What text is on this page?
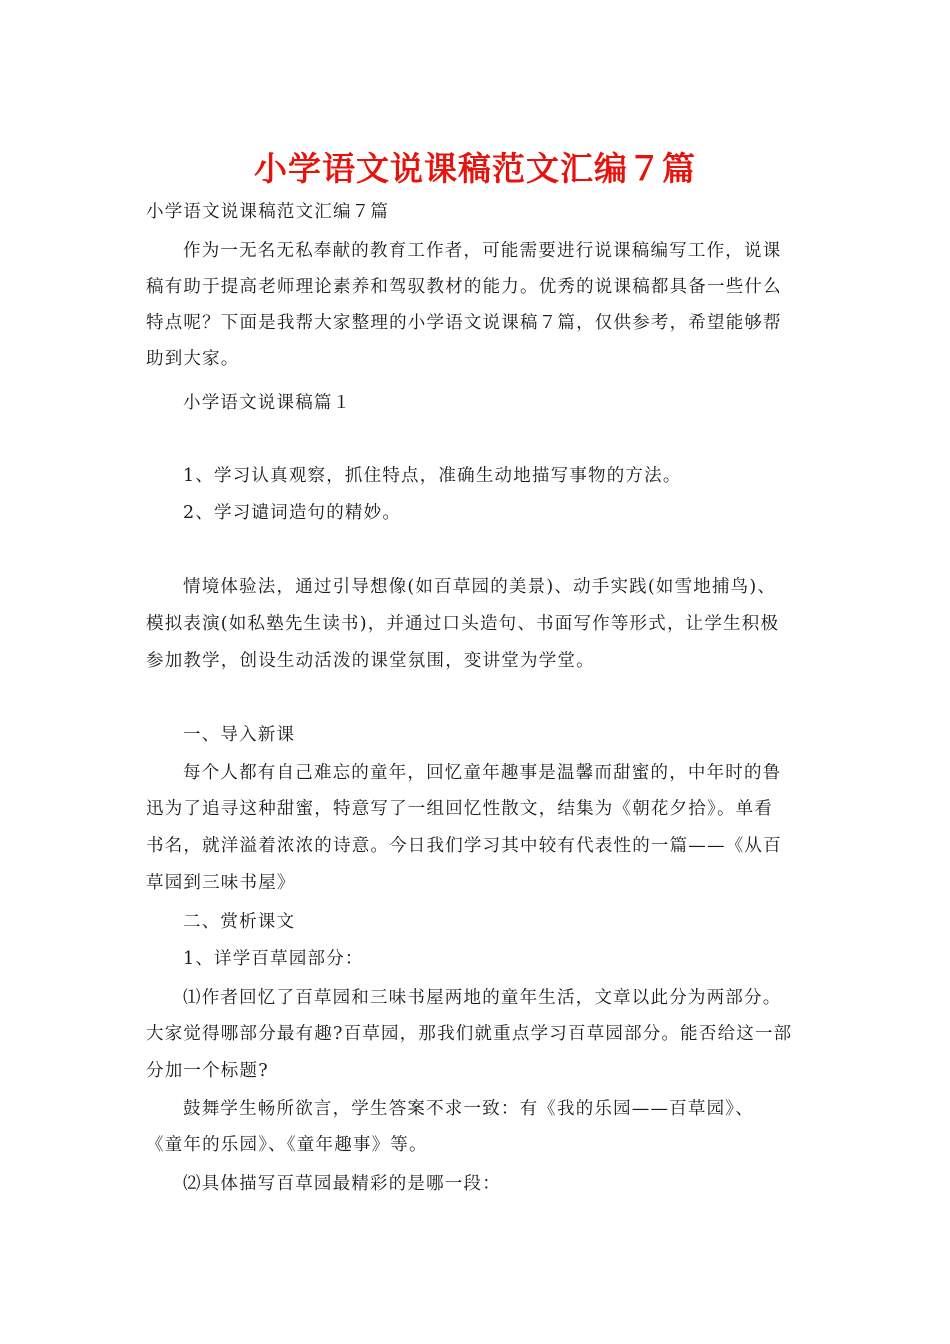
小学语文说课稿范文汇编７篇
小学语文说课稿范文汇编７篇
作为一无名无私奉献的教育工作者，可能需要进行说课稿编写工作，说课
稿有助于提高老师理论素养和驾驭教材的能力。优秀的说课稿都具备一些什么
特点呢？下面是我帮大家整理的小学语文说课稿７篇，仅供参考，希望能够帮
助到大家。
小学语文说课稿篇１
1、学习认真观察，抓住特点，准确生动地描写事物的方法。
2、学习谴词造句的精妙。
情境体验法，通过引导想像(如百草园的美景)、动手实践(如雪地捕鸟)、
模拟表演(如私塾先生读书)，并通过口头造句、书面写作等形式，让学生积极
参加教学，创设生动活泼的课堂氛围，变讲堂为学堂。
一、导入新课
每个人都有自己难忘的童年，回忆童年趣事是温馨而甜蜜的，中年时的鲁
迅为了追寻这种甜蜜，特意写了一组回忆性散文，结集为《朝花夕拾》。单看
书名，就洋溢着浓浓的诗意。今日我们学习其中较有代表性的一篇——《从百
草园到三味书屋》
二、赏析课文
1、详学百草园部分：
⑴作者回忆了百草园和三味书屋两地的童年生活，文章以此分为两部分。
大家觉得哪部分最有趣?百草园，那我们就重点学习百草园部分。能否给这一部
分加一个标题?
鼓舞学生畅所欲言，学生答案不求一致：有《我的乐园——百草园》、
《童年的乐园》、《童年趣事》等。
⑵具体描写百草园最精彩的是哪一段：
